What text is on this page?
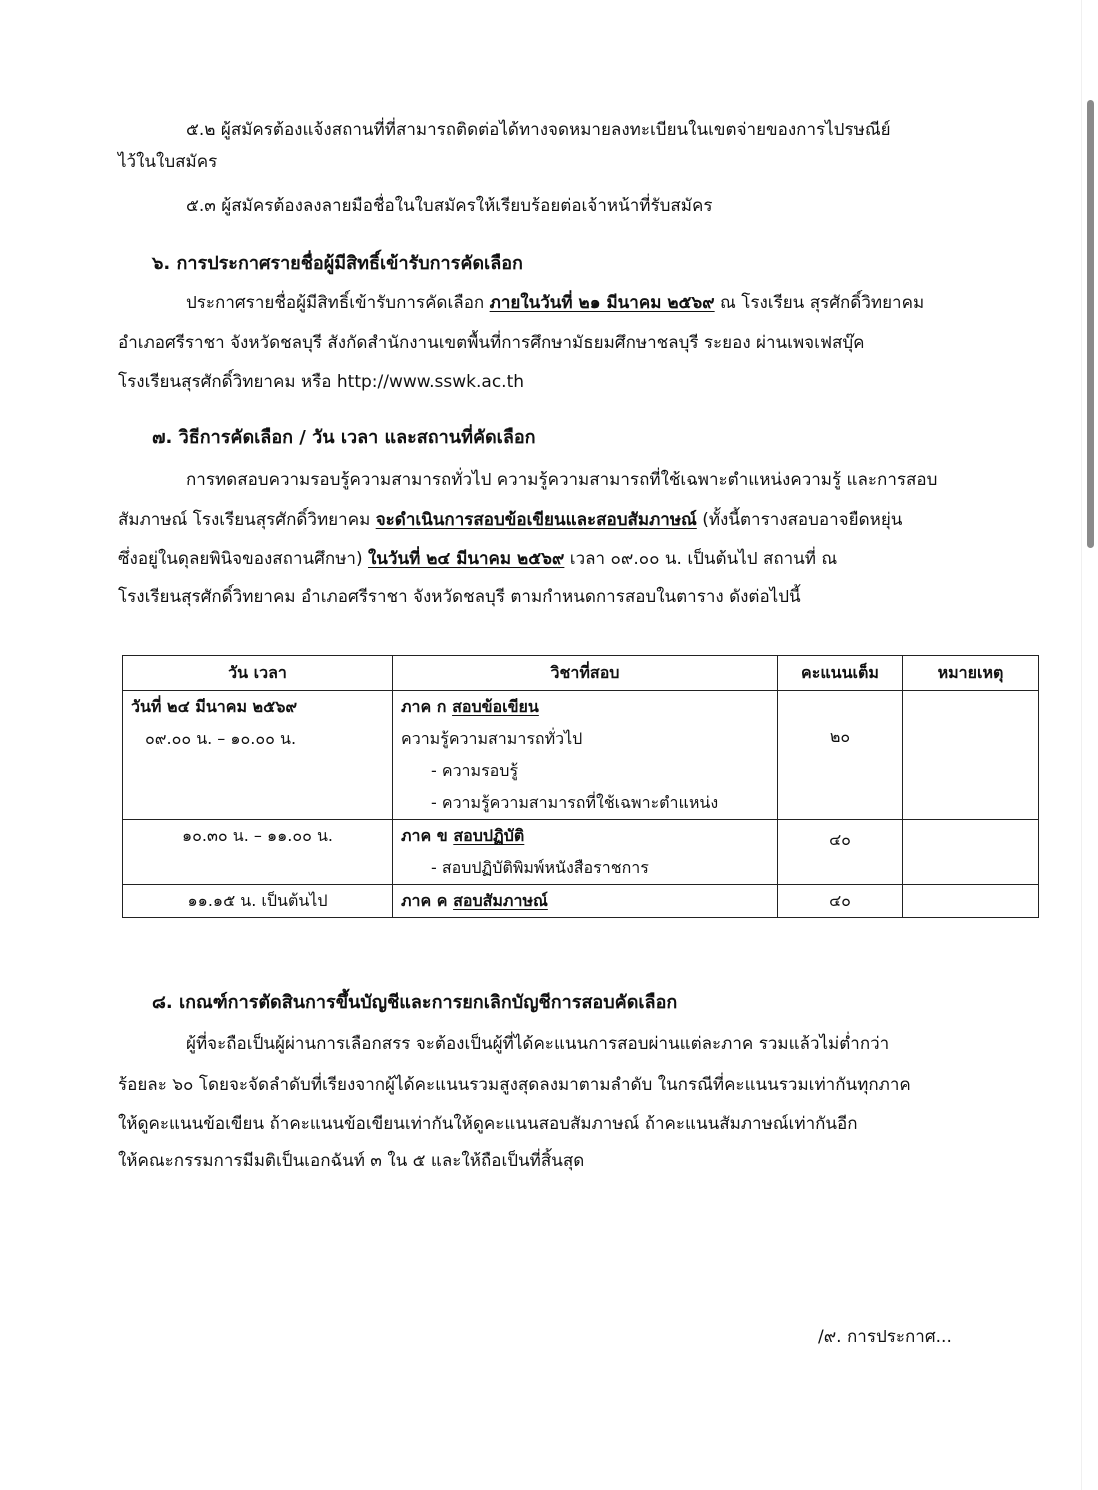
๕.๒ ผู้สมัครต้องแจ้งสถานที่ที่สามารถติดต่อได้ทางจดหมายลงทะเบียนในเขตจ่ายของการไปรษณีย์
ไว้ในใบสมัคร
๕.๓ ผู้สมัครต้องลงลายมือชื่อในใบสมัครให้เรียบร้อยต่อเจ้าหน้าที่รับสมัคร
๖. การประกาศรายชื่อผู้มีสิทธิ์เข้ารับการคัดเลือก
ประกาศรายชื่อผู้มีสิทธิ์เข้ารับการคัดเลือก ภายในวันที่ ๒๑ มีนาคม ๒๕๖๙ ณ โรงเรียน สุรศักดิ์วิทยาคม
อำเภอศรีราชา จังหวัดชลบุรี สังกัดสำนักงานเขตพื้นที่การศึกษามัธยมศึกษาชลบุรี ระยอง ผ่านเพจเฟสบุ๊ค
โรงเรียนสุรศักดิ์วิทยาคม หรือ http://www.sswk.ac.th
๗. วิธีการคัดเลือก / วัน เวลา และสถานที่คัดเลือก
การทดสอบความรอบรู้ความสามารถทั่วไป ความรู้ความสามารถที่ใช้เฉพาะตำแหน่งความรู้ และการสอบ
สัมภาษณ์ โรงเรียนสุรศักดิ์วิทยาคม จะดำเนินการสอบข้อเขียนและสอบสัมภาษณ์ (ทั้งนี้ตารางสอบอาจยืดหยุ่น
ซึ่งอยู่ในดุลยพินิจของสถานศึกษา) ในวันที่ ๒๔ มีนาคม ๒๕๖๙ เวลา ๐๙.๐๐ น. เป็นต้นไป สถานที่ ณ
โรงเรียนสุรศักดิ์วิทยาคม อำเภอศรีราชา จังหวัดชลบุรี ตามกำหนดการสอบในตาราง ดังต่อไปนี้
วัน เวลา	วิชาที่สอบ	คะแนนเต็ม	หมายเหตุ

วันที่ ๒๔ มีนาคม ๒๕๖๙
๐๙.๐๐ น. – ๑๐.๐๐ น.	ภาค ก สอบข้อเขียน
ความรู้ความสามารถทั่วไป
- ความรอบรู้
- ความรู้ความสามารถที่ใช้เฉพาะตำแหน่ง	๒๐	
๑๐.๓๐ น. – ๑๑.๐๐ น.	ภาค ข สอบปฏิบัติ
- สอบปฏิบัติพิมพ์หนังสือราชการ	๔๐	
๑๑.๑๕ น. เป็นต้นไป	ภาค ค สอบสัมภาษณ์	๔๐	
๘. เกณฑ์การตัดสินการขึ้นบัญชีและการยกเลิกบัญชีการสอบคัดเลือก
ผู้ที่จะถือเป็นผู้ผ่านการเลือกสรร จะต้องเป็นผู้ที่ได้คะแนนการสอบผ่านแต่ละภาค รวมแล้วไม่ต่ำกว่า
ร้อยละ ๖๐ โดยจะจัดลำดับที่เรียงจากผู้ได้คะแนนรวมสูงสุดลงมาตามลำดับ ในกรณีที่คะแนนรวมเท่ากันทุกภาค
ให้ดูคะแนนข้อเขียน ถ้าคะแนนข้อเขียนเท่ากันให้ดูคะแนนสอบสัมภาษณ์ ถ้าคะแนนสัมภาษณ์เท่ากันอีก
ให้คณะกรรมการมีมติเป็นเอกฉันท์ ๓ ใน ๕ และให้ถือเป็นที่สิ้นสุด
/๙. การประกาศ...
